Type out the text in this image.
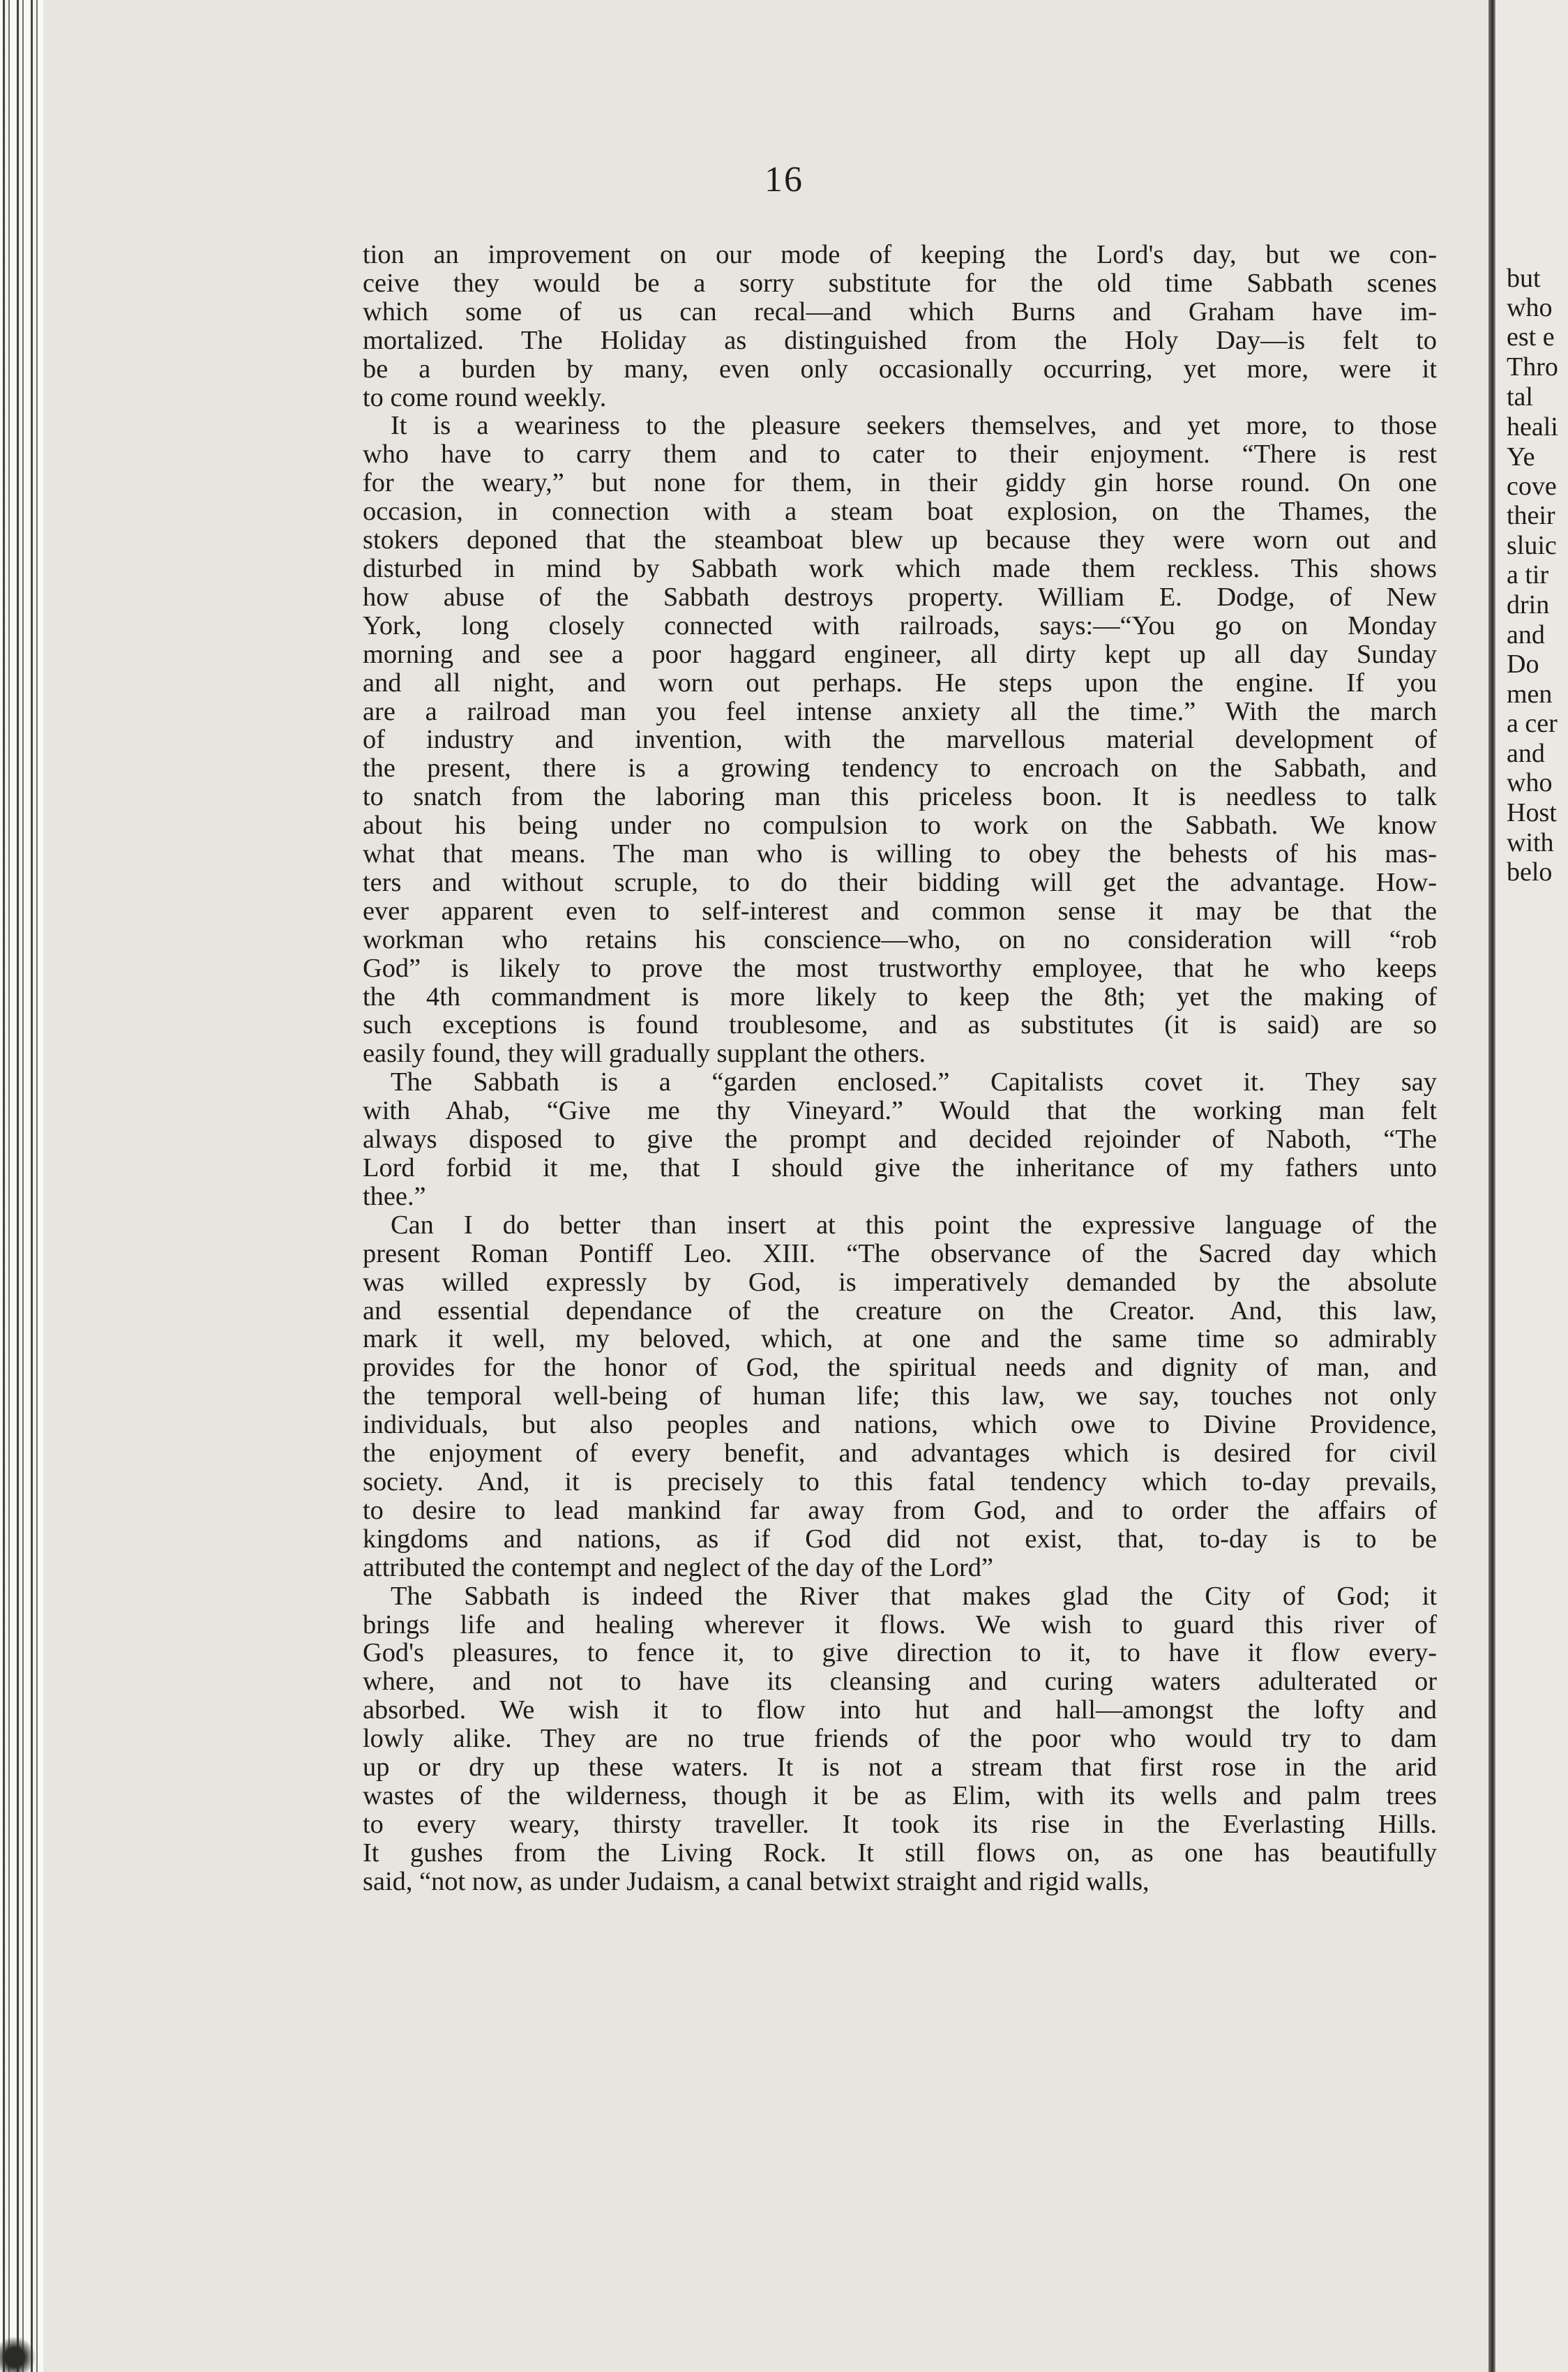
but
who
est e
Thro
tal
heali
Ye
cove
their
sluic
a tir
drin
and
Do
men
a cer
and
who
Host
with
belo
16

tion an improvement on our mode of keeping the Lord's day, but we con-
ceive they would be a sorry substitute for the old time Sabbath scenes
which some of us can recal—and which Burns and Graham have im-
mortalized. The Holiday as distinguished from the Holy Day—is felt to
be a burden by many, even only occasionally occurring, yet more, were it
to come round weekly.

It is a weariness to the pleasure seekers themselves, and yet more, to those
who have to carry them and to cater to their enjoyment. “There is rest
for the weary,” but none for them, in their giddy gin horse round. On one
occasion, in connection with a steam boat explosion, on the Thames, the
stokers deponed that the steamboat blew up because they were worn out and
disturbed in mind by Sabbath work which made them reckless. This shows
how abuse of the Sabbath destroys property. William E. Dodge, of New
York, long closely connected with railroads, says:—“You go on Monday
morning and see a poor haggard engineer, all dirty kept up all day Sunday
and all night, and worn out perhaps. He steps upon the engine. If you
are a railroad man you feel intense anxiety all the time.” With the march
of industry and invention, with the marvellous material development of
the present, there is a growing tendency to encroach on the Sabbath, and
to snatch from the laboring man this priceless boon. It is needless to talk
about his being under no compulsion to work on the Sabbath. We know
what that means. The man who is willing to obey the behests of his mas-
ters and without scruple, to do their bidding will get the advantage. How-
ever apparent even to self-interest and common sense it may be that the
workman who retains his conscience—who, on no consideration will “rob
God” is likely to prove the most trustworthy employee, that he who keeps
the 4th commandment is more likely to keep the 8th; yet the making of
such exceptions is found troublesome, and as substitutes (it is said) are so
easily found, they will gradually supplant the others.

The Sabbath is a “garden enclosed.” Capitalists covet it. They say
with Ahab, “Give me thy Vineyard.” Would that the working man felt
always disposed to give the prompt and decided rejoinder of Naboth, “The
Lord forbid it me, that I should give the inheritance of my fathers unto
thee.”

Can I do better than insert at this point the expressive language of the
present Roman Pontiff Leo. XIII. “The observance of the Sacred day which
was willed expressly by God, is imperatively demanded by the absolute
and essential dependance of the creature on the Creator. And, this law,
mark it well, my beloved, which, at one and the same time so admirably
provides for the honor of God, the spiritual needs and dignity of man, and
the temporal well-being of human life; this law, we say, touches not only
individuals, but also peoples and nations, which owe to Divine Providence,
the enjoyment of every benefit, and advantages which is desired for civil
society. And, it is precisely to this fatal tendency which to-day prevails,
to desire to lead mankind far away from God, and to order the affairs of
kingdoms and nations, as if God did not exist, that, to-day is to be
attributed the contempt and neglect of the day of the Lord”

The Sabbath is indeed the River that makes glad the City of God; it
brings life and healing wherever it flows. We wish to guard this river of
God's pleasures, to fence it, to give direction to it, to have it flow every-
where, and not to have its cleansing and curing waters adulterated or
absorbed. We wish it to flow into hut and hall—amongst the lofty and
lowly alike. They are no true friends of the poor who would try to dam
up or dry up these waters. It is not a stream that first rose in the arid
wastes of the wilderness, though it be as Elim, with its wells and palm trees
to every weary, thirsty traveller. It took its rise in the Everlasting Hills.
It gushes from the Living Rock. It still flows on, as one has beautifully
said, “not now, as under Judaism, a canal betwixt straight and rigid walls,
